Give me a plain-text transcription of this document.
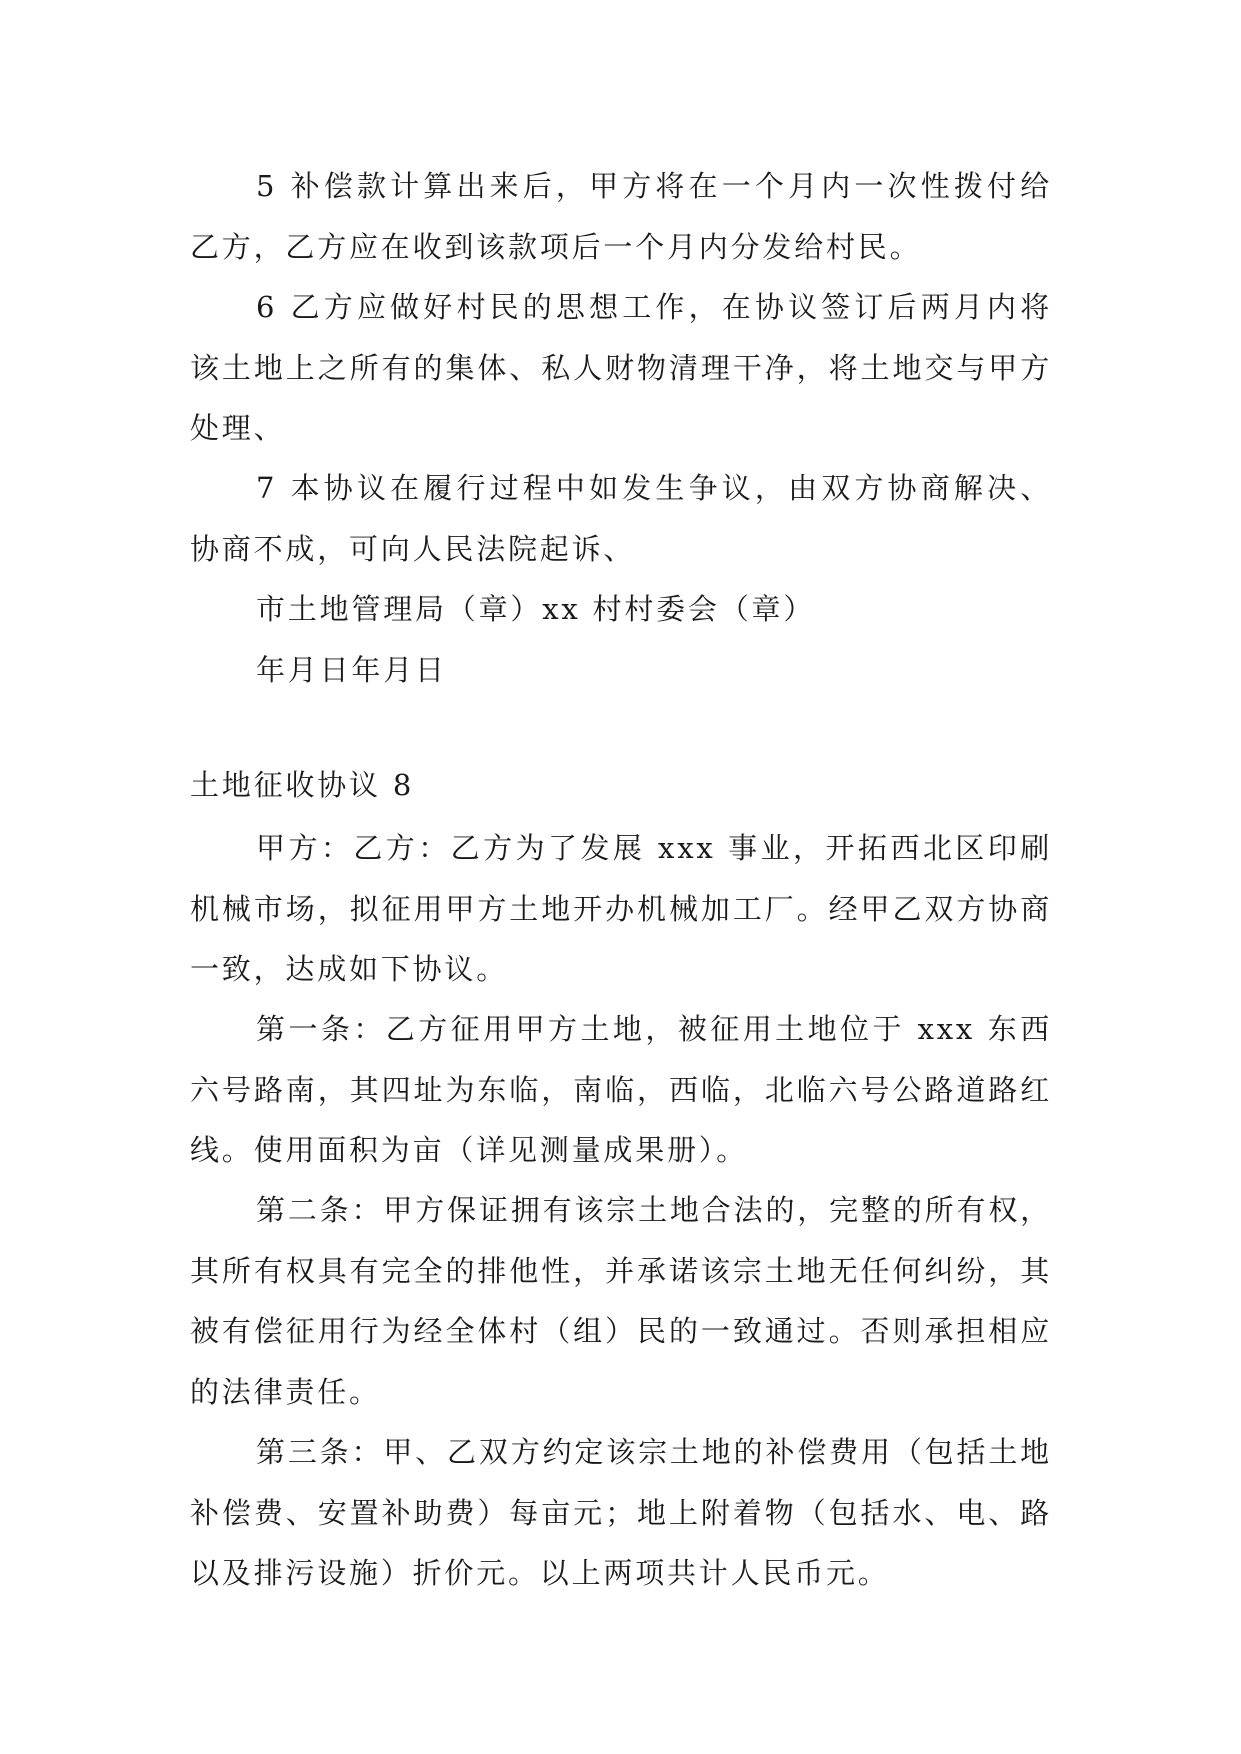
5 补偿款计算出来后，甲方将在一个月内一次性拨付给乙方，乙方应在收到该款项后一个月内分发给村民。

6 乙方应做好村民的思想工作，在协议签订后两月内将该土地上之所有的集体、私人财物清理干净，将土地交与甲方处理、

7 本协议在履行过程中如发生争议，由双方协商解决、协商不成，可向人民法院起诉、

市土地管理局（章）xx 村村委会（章）

年月日年月日

土地征收协议 8

甲方：乙方：乙方为了发展 xxx 事业，开拓西北区印刷机械市场，拟征用甲方土地开办机械加工厂。经甲乙双方协商一致，达成如下协议。

第一条：乙方征用甲方土地，被征用土地位于 xxx 东西六号路南，其四址为东临，南临，西临，北临六号公路道路红线。使用面积为亩（详见测量成果册）。

第二条：甲方保证拥有该宗土地合法的，完整的所有权，其所有权具有完全的排他性，并承诺该宗土地无任何纠纷，其被有偿征用行为经全体村（组）民的一致通过。否则承担相应的法律责任。

第三条：甲、乙双方约定该宗土地的补偿费用（包括土地补偿费、安置补助费）每亩元；地上附着物（包括水、电、路以及排污设施）折价元。以上两项共计人民币元。
